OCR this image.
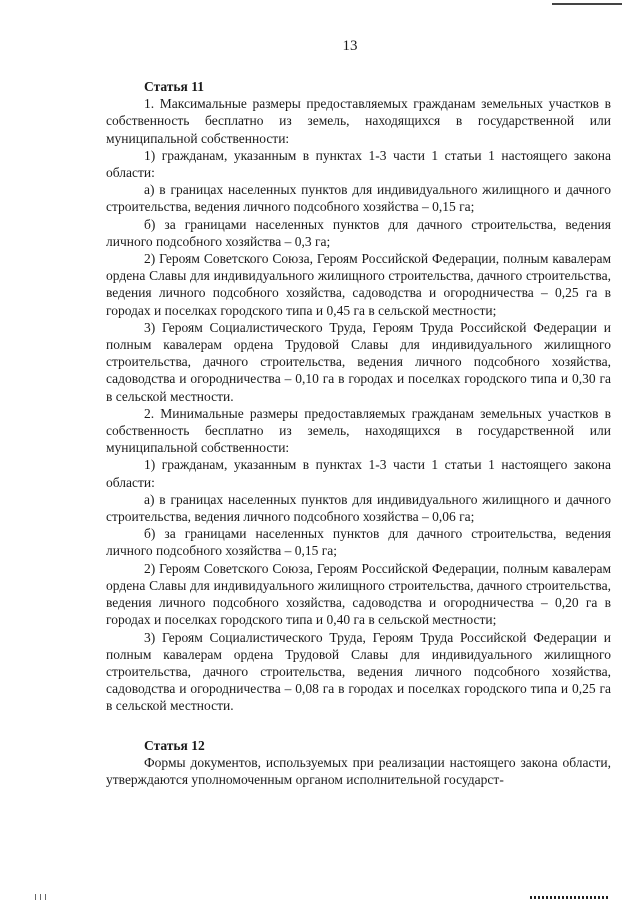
13

Статья 11

1. Максимальные размеры предоставляемых гражданам земельных участков в собственность бесплатно из земель, находящихся в государственной или муниципальной собственности:

1) гражданам, указанным в пунктах 1-3 части 1 статьи 1 настоящего закона области:

а) в границах населенных пунктов для индивидуального жилищного и дачного строительства, ведения личного подсобного хозяйства – 0,15 га;

б) за границами населенных пунктов для дачного строительства, ведения личного подсобного хозяйства – 0,3 га;

2) Героям Советского Союза, Героям Российской Федерации, полным кавалерам ордена Славы для индивидуального жилищного строительства, дачного строительства, ведения личного подсобного хозяйства, садоводства и огородничества – 0,25 га в городах и поселках городского типа и 0,45 га в сельской местности;

3) Героям Социалистического Труда, Героям Труда Российской Федерации и полным кавалерам ордена Трудовой Славы для индивидуального жилищного строительства, дачного строительства, ведения личного подсобного хозяйства, садоводства и огородничества – 0,10 га в городах и поселках городского типа и 0,30 га в сельской местности.

2. Минимальные размеры предоставляемых гражданам земельных участков в собственность бесплатно из земель, находящихся в государственной или муниципальной собственности:

1) гражданам, указанным в пунктах 1-3 части 1 статьи 1 настоящего закона области:

а) в границах населенных пунктов для индивидуального жилищного и дачного строительства, ведения личного подсобного хозяйства – 0,06 га;

б) за границами населенных пунктов для дачного строительства, ведения личного подсобного хозяйства – 0,15 га;

2) Героям Советского Союза, Героям Российской Федерации, полным кавалерам ордена Славы для индивидуального жилищного строительства, дачного строительства, ведения личного подсобного хозяйства, садоводства и огородничества – 0,20 га в городах и поселках городского типа и 0,40 га в сельской местности;

3) Героям Социалистического Труда, Героям Труда Российской Федерации и полным кавалерам ордена Трудовой Славы для индивидуального жилищного строительства, дачного строительства, ведения личного подсобного хозяйства, садоводства и огородничества – 0,08 га в городах и поселках городского типа и 0,25 га в сельской местности.

Статья 12

Формы документов, используемых при реализации настоящего закона области, утверждаются уполномоченным органом исполнительной государст-
